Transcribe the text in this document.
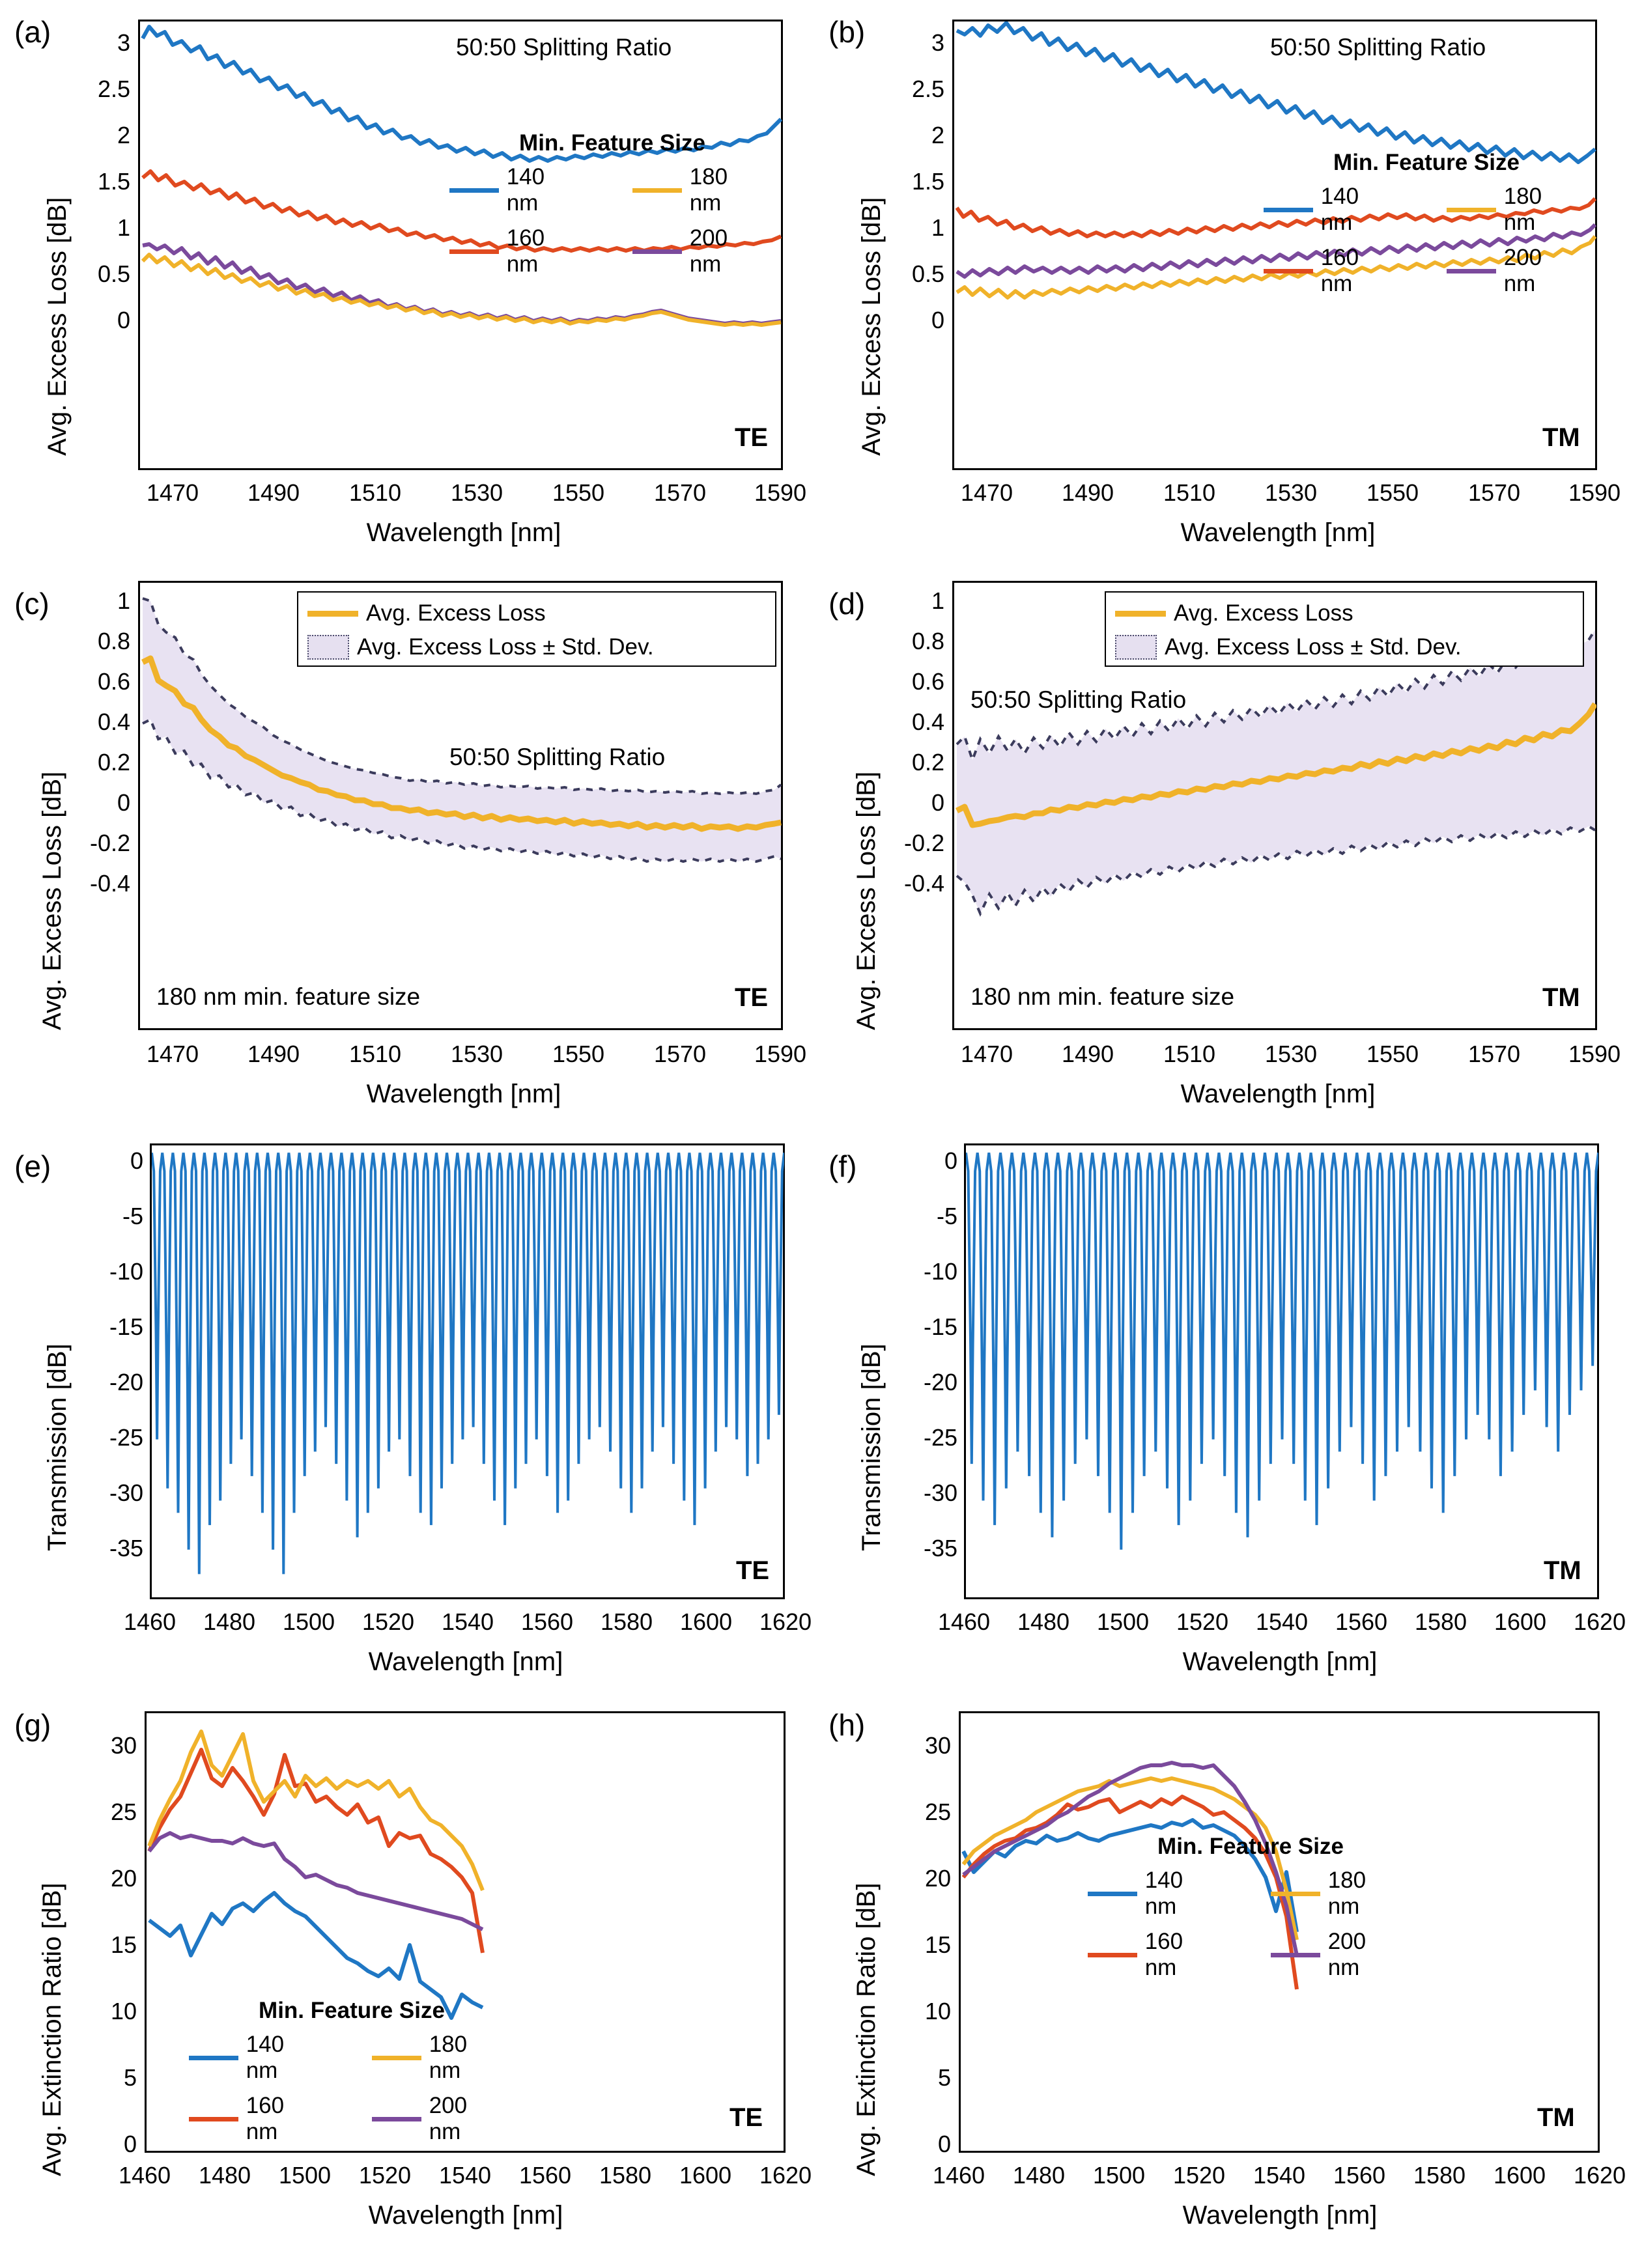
(a)
Avg. Excess Loss [dB]
3
2.5
2
1.5
1
0.5
0
50:50 Splitting Ratio
TE
Min. Feature Size
140 nm
180 nm
160 nm
200 nm
1470	1490	1510	1530	1550	1570	1590
Wavelength [nm]
(b)
Avg. Excess Loss [dB]
3
2.5
2
1.5
1
0.5
0
50:50 Splitting Ratio
TM
Min. Feature Size
140 nm
180 nm
160 nm
200 nm
1470	1490	1510	1530	1550	1570	1590
Wavelength [nm]
(c)
Avg. Excess Loss [dB]
1
0.8
0.6
0.4
0.2
0
-0.2
-0.4
50:50 Splitting Ratio
180 nm min. feature size	TE
Avg. Excess Loss
Avg. Excess Loss ± Std. Dev.
1470	1490	1510	1530	1550	1570	1590
Wavelength [nm]
(d)
Avg. Excess Loss [dB]
1
0.8
0.6
0.4
0.2
0
-0.2
-0.4
50:50 Splitting Ratio
180 nm min. feature size	TM
Avg. Excess Loss
Avg. Excess Loss ± Std. Dev.
1470	1490	1510	1530	1550	1570	1590
Wavelength [nm]
(e)
Transmission [dB]
0
-5
-10
-15
-20
-25
-30
-35
TE
1460	1480	1500	1520	1540	1560	1580	1600	1620
Wavelength [nm]
(f)
Transmission [dB]
0
-5
-10
-15
-20
-25
-30
-35
TM
1460	1480	1500	1520	1540	1560	1580	1600	1620
Wavelength [nm]
(g)
Avg. Extinction Ratio [dB]
30
25
20
15
10
5
0
TE
Min. Feature Size
140 nm
180 nm
160 nm
200 nm
1460	1480	1500	1520	1540	1560	1580	1600	1620
Wavelength [nm]
(h)
Avg. Extinction Ratio [dB]
30
25
20
15
10
5
0
TM
Min. Feature Size
140 nm
180 nm
160 nm
200 nm
1460	1480	1500	1520	1540	1560	1580	1600	1620
Wavelength [nm]
